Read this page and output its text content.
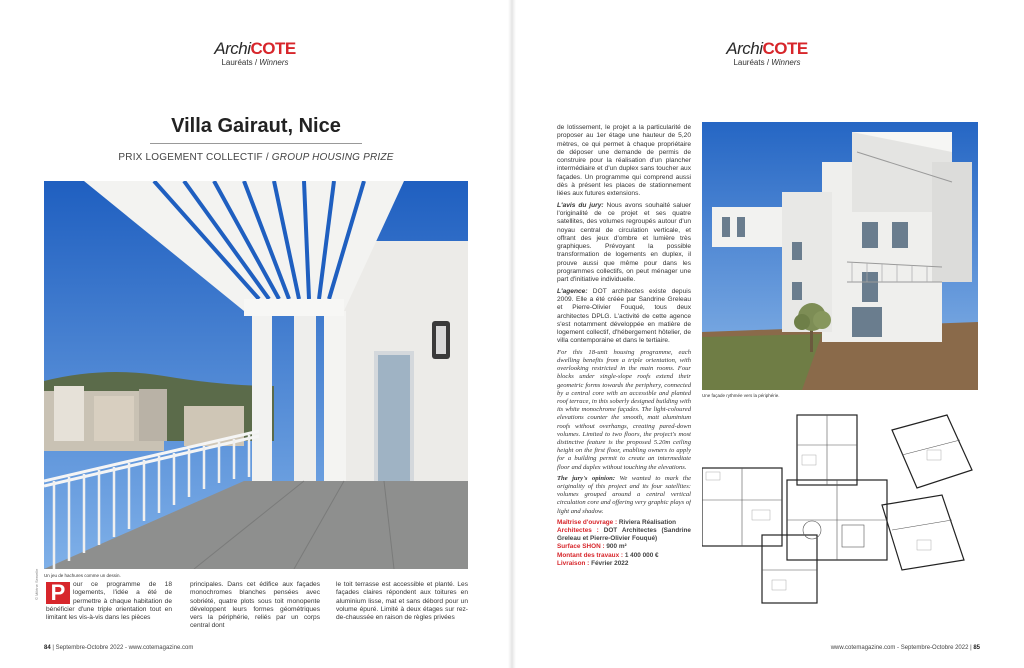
ArchiCOTE
Lauréats / Winners
ArchiCOTE
Lauréats / Winners
Villa Gairaut, Nice
PRIX LOGEMENT COLLECTIF / GROUP HOUSING PRIZE
Un jeu de hachures comme un dessin.
© Milène Servelle P	our ce programme de 18 logements, l'idée a été de permettre à chaque habitation de bénéficier d'une triple orientation tout en limitant les vis-à-vis dans les pièces
principales. Dans cet édifice aux façades monochromes blanches pensées avec sobriété, quatre plots sous toit monopente développent leurs formes géométriques vers la périphérie, reliés par un corps central dont
le toit terrasse est accessible et planté. Les façades claires répondent aux toitures en aluminium lisse, mat et sans débord pour un volume épuré. Limité à deux étages sur rez-de-chaussée en raison de règles privées

de lotissement, le projet a la particularité de proposer au 1er étage une hauteur de 5,20 mètres, ce qui permet à chaque propriétaire de déposer une demande de permis de construire pour la réalisation d'un plancher intermédiaire et d'un duplex sans toucher aux façades. Un programme qui comprend aussi dès à présent les places de stationnement liées aux futures extensions.

L'avis du jury: Nous avons souhaité saluer l'originalité de ce projet et ses quatre satellites, des volumes regroupés autour d'un noyau central de circulation verticale, et offrant des jeux d'ombre et lumière très graphiques. Prévoyant la possible transformation de logements en duplex, il prouve aussi que même pour dans les programmes collectifs, on peut ménager une part d'initiative individuelle.

L'agence: DOT architectes existe depuis 2009. Elle a été créée par Sandrine Greleau et Pierre-Olivier Fouqué, tous deux architectes DPLG. L'activité de cette agence s'est notamment développée en matière de logement collectif, d'hébergement hôtelier, de villa contemporaine et dans le tertiaire.

For this 18-unit housing programme, each dwelling benefits from a triple orientation, with overlooking restricted in the main rooms. Four blocks under single-slope roofs extend their geometric forms towards the periphery, connected by a central core with an accessible and planted roof terrace, in this soberly designed building with its white monochrome façades. The light-coloured elevations counter the smooth, matt aluminium roofs without overhangs, creating pared-down volumes. Limited to two floors, the project's most distinctive feature is the proposed 5.20m ceiling height on the first floor, enabling owners to apply for a building permit to create an intermediate floor and duplex without touching the elevations.

The jury's opinion: We wanted to mark the originality of this project and its four satellites: volumes grouped around a central vertical circulation core and offering very graphic plays of light and shadow.

Maîtrise d'ouvrage : Riviera Réalisation
Architectes : DOT Architectes (Sandrine Greleau et Pierre-Olivier Fouqué)
Surface SHON : 900 m²
Montant des travaux : 1 400 000 €
Livraison : Février 2022
Une façade rythmée vers la périphérie.
84 | Septembre-Octobre 2022 - www.cotemagazine.com	www.cotemagazine.com - Septembre-Octobre 2022 | 85
